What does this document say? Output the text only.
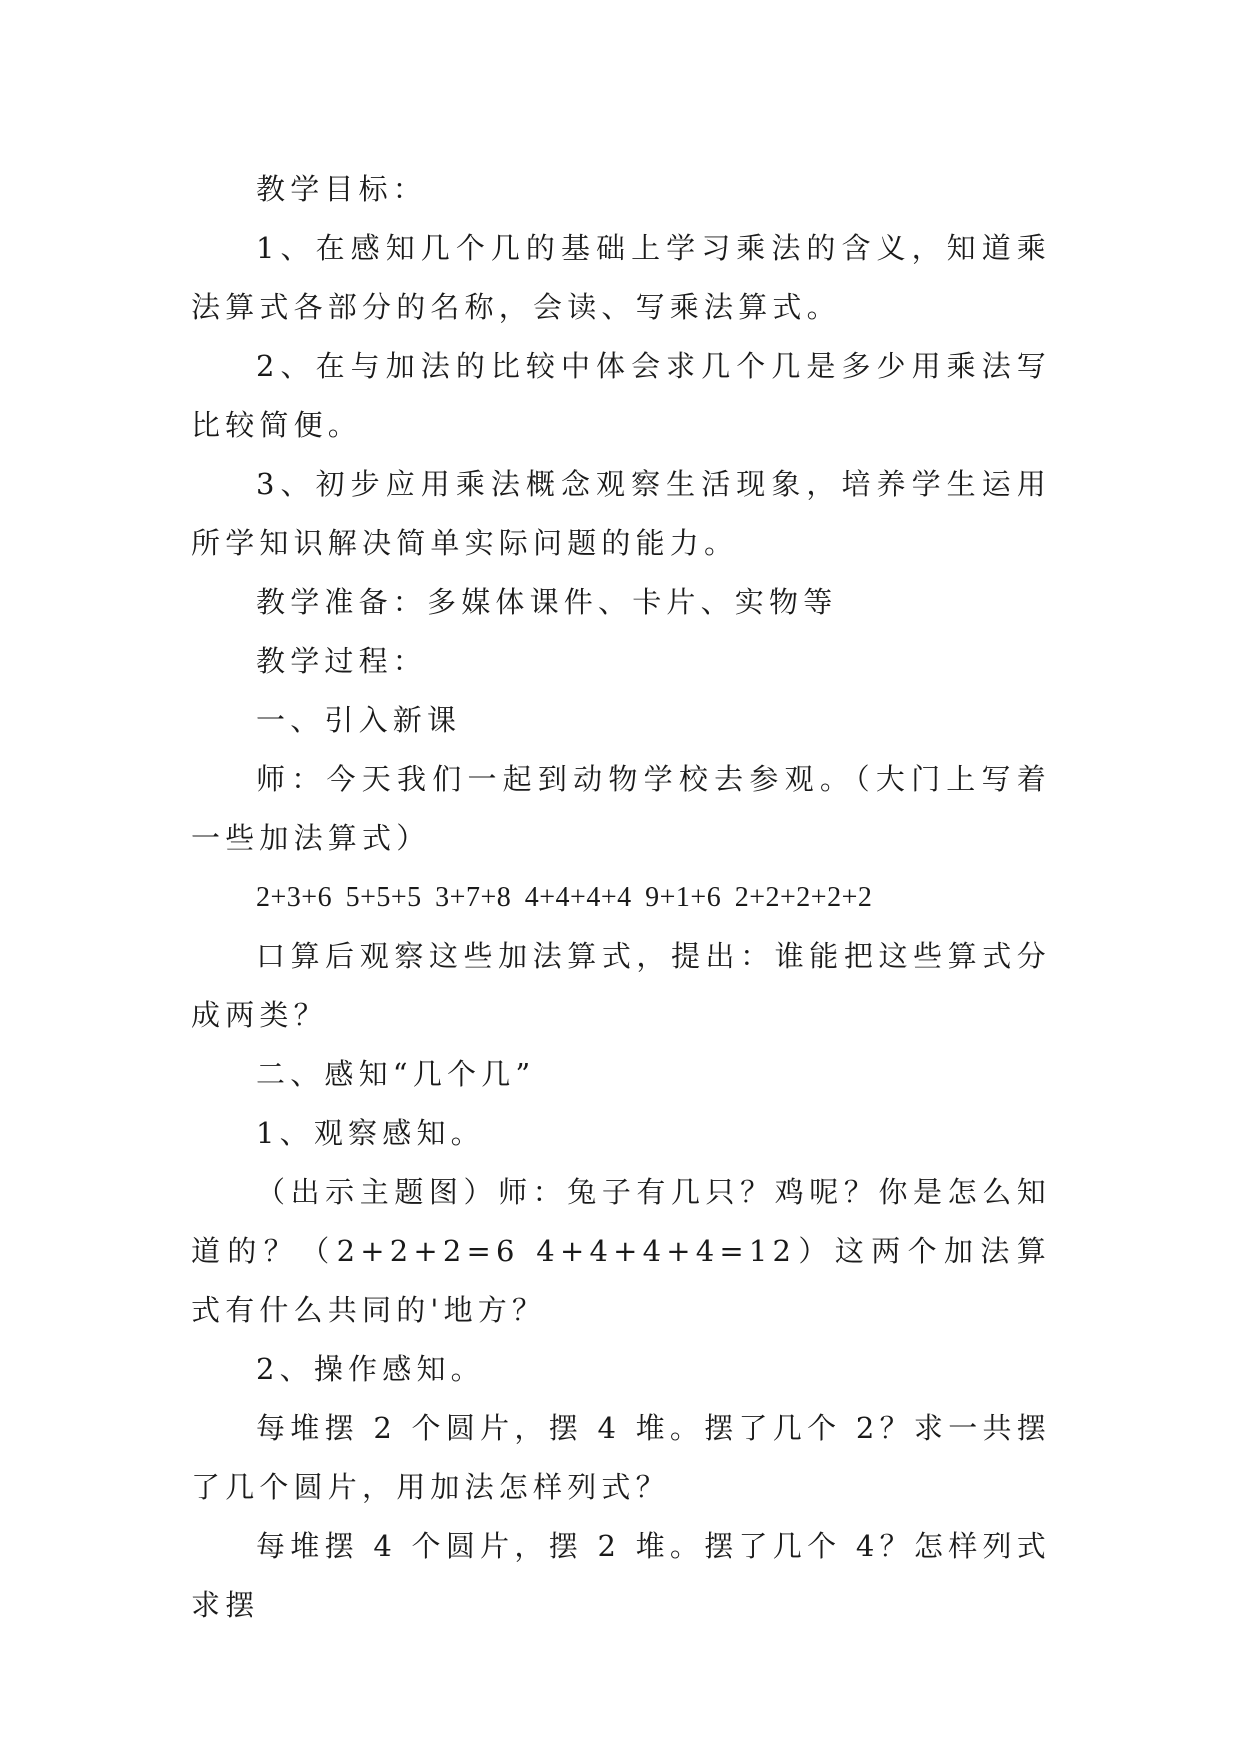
教学目标：

1、在感知几个几的基础上学习乘法的含义，知道乘法算式各部分的名称，会读、写乘法算式。

2、在与加法的比较中体会求几个几是多少用乘法写比较简便。

3、初步应用乘法概念观察生活现象，培养学生运用所学知识解决简单实际问题的能力。

教学准备：多媒体课件、卡片、实物等

教学过程：

一、引入新课

师：今天我们一起到动物学校去参观。（大门上写着一些加法算式）

2+3+6 5+5+5 3+7+8 4+4+4+4 9+1+6 2+2+2+2+2

口算后观察这些加法算式，提出：谁能把这些算式分成两类？

二、感知“几个几”

1、观察感知。

（出示主题图）师：兔子有几只？鸡呢？你是怎么知道的？（2+2+2=6 4+4+4+4=12）这两个加法算式有什么共同的'地方？

2、操作感知。

每堆摆 2 个圆片，摆 4 堆。摆了几个 2？求一共摆了几个圆片，用加法怎样列式？

每堆摆 4 个圆片，摆 2 堆。摆了几个 4？怎样列式求摆
